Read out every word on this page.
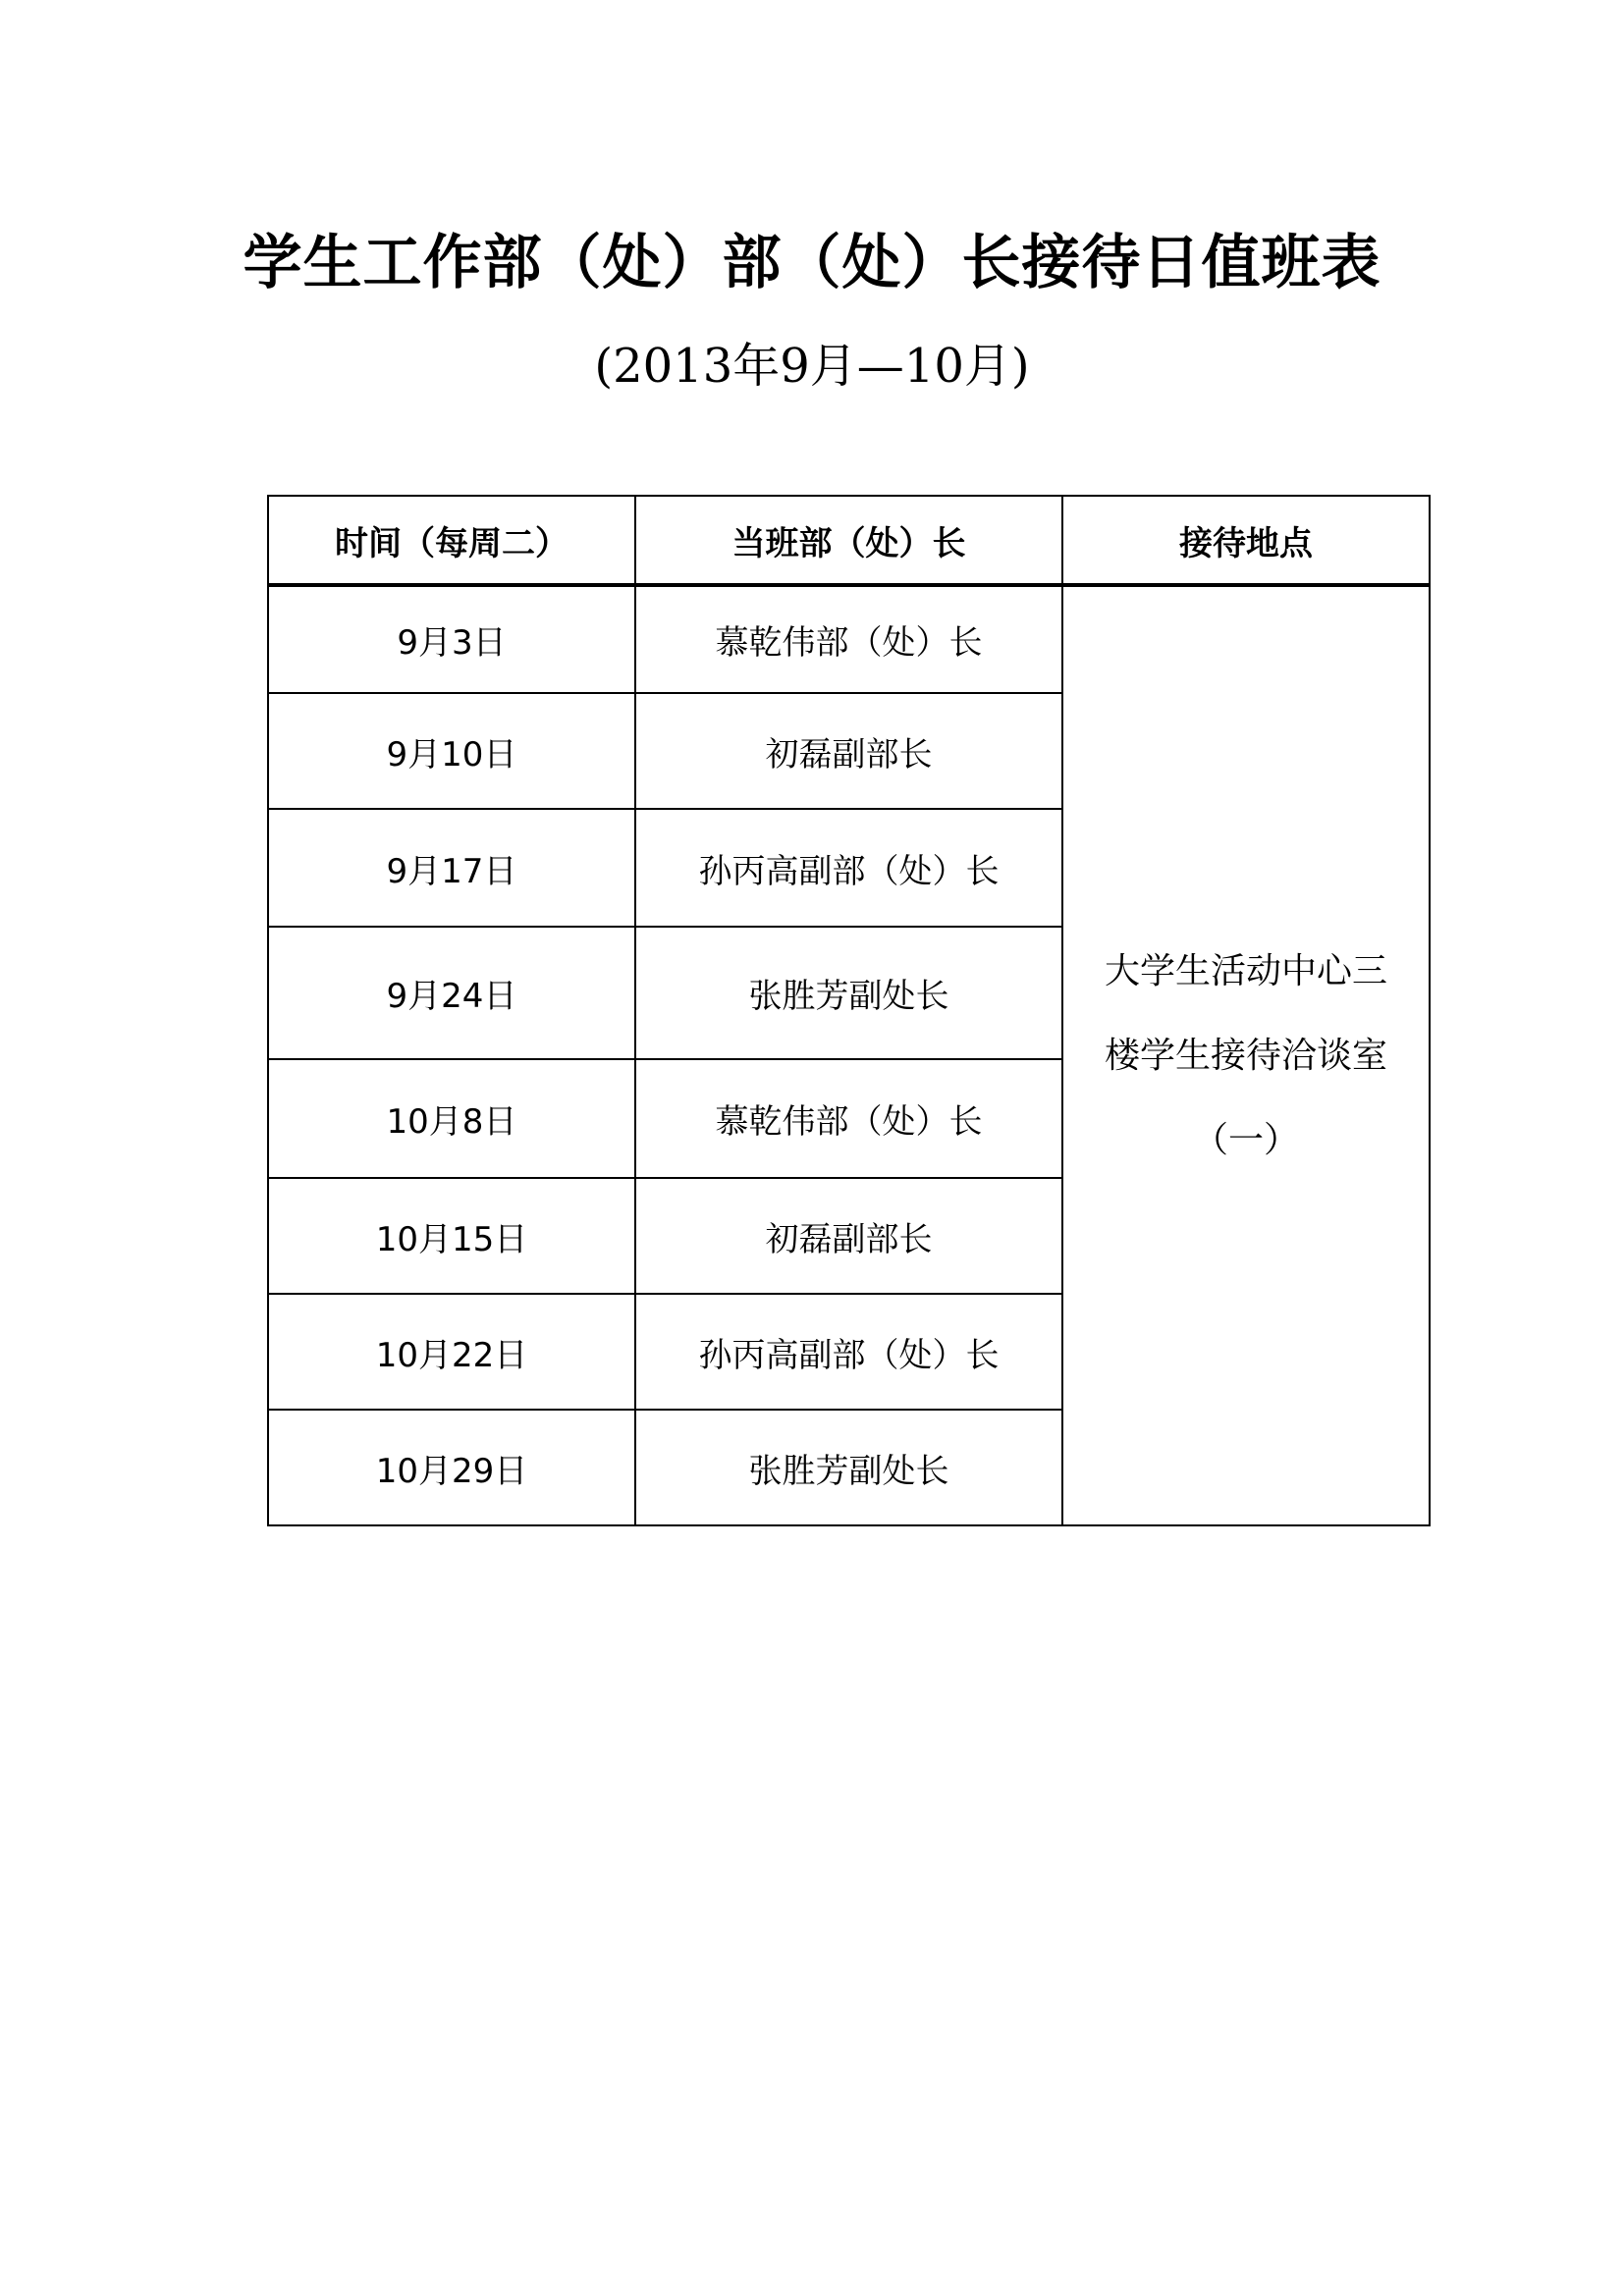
学生工作部（处）部（处）长接待日值班表
(2013年9月—10月)
时间（每周二）	当班部（处）长	接待地点
9月3日	慕乾伟部（处）长	大学生活动中心三
楼学生接待洽谈室
（一）

9月10日	初磊副部长	
9月17日	孙丙高副部（处）长	
9月24日	张胜芳副处长	
10月8日	慕乾伟部（处）长	
10月15日	初磊副部长	
10月22日	孙丙高副部（处）长	
10月29日	张胜芳副处长	
